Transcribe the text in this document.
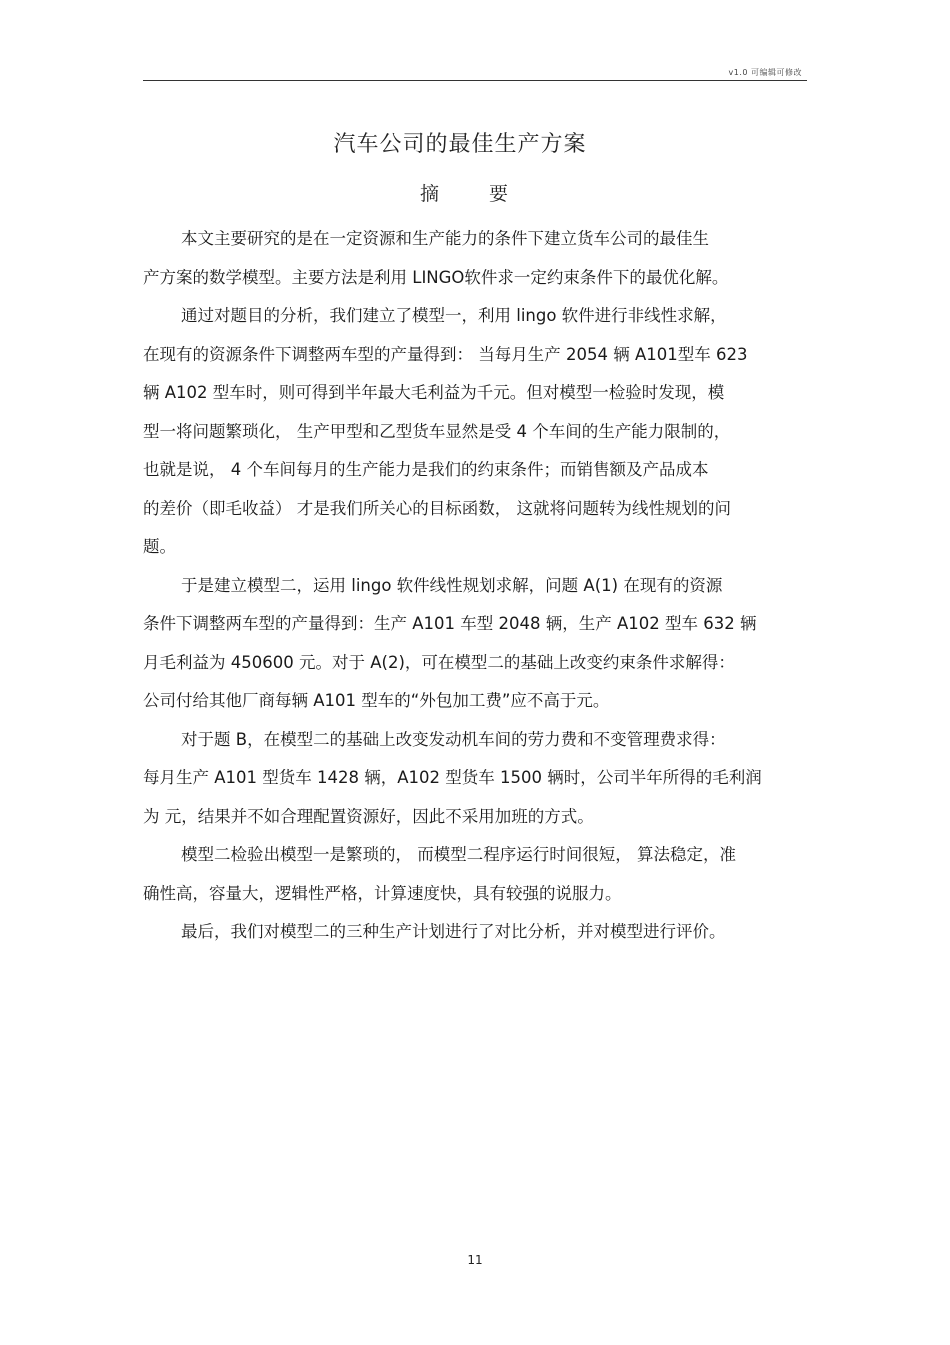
v1.0 可编辑可修改
汽车公司的最佳生产方案
摘 要
本文主要研究的是在一定资源和生产能力的条件下建立货车公司的最佳生
产方案的数学模型。主要方法是利用 LINGO软件求一定约束条件下的最优化解。
通过对题目的分析，我们建立了模型一，利用 lingo 软件进行非线性求解，
在现有的资源条件下调整两车型的产量得到： 当每月生产 2054 辆 A101型车 623
辆 A102 型车时，则可得到半年最大毛利益为千元。但对模型一检验时发现，模
型一将问题繁琐化， 生产甲型和乙型货车显然是受 4 个车间的生产能力限制的，
也就是说， 4 个车间每月的生产能力是我们的约束条件；而销售额及产品成本
的差价（即毛收益） 才是我们所关心的目标函数， 这就将问题转为线性规划的问
题。
于是建立模型二，运用 lingo 软件线性规划求解，问题 A(1) 在现有的资源
条件下调整两车型的产量得到：生产 A101 车型 2048 辆，生产 A102 型车 632 辆
月毛利益为 450600 元。对于 A(2)，可在模型二的基础上改变约束条件求解得：
公司付给其他厂商每辆 A101 型车的“外包加工费”应不高于元。
对于题 B，在模型二的基础上改变发动机车间的劳力费和不变管理费求得：
每月生产 A101 型货车 1428 辆，A102 型货车 1500 辆时，公司半年所得的毛利润
为 元，结果并不如合理配置资源好，因此不采用加班的方式。
模型二检验出模型一是繁琐的， 而模型二程序运行时间很短， 算法稳定，准
确性高，容量大，逻辑性严格，计算速度快，具有较强的说服力。
最后，我们对模型二的三种生产计划进行了对比分析，并对模型进行评价。
11
